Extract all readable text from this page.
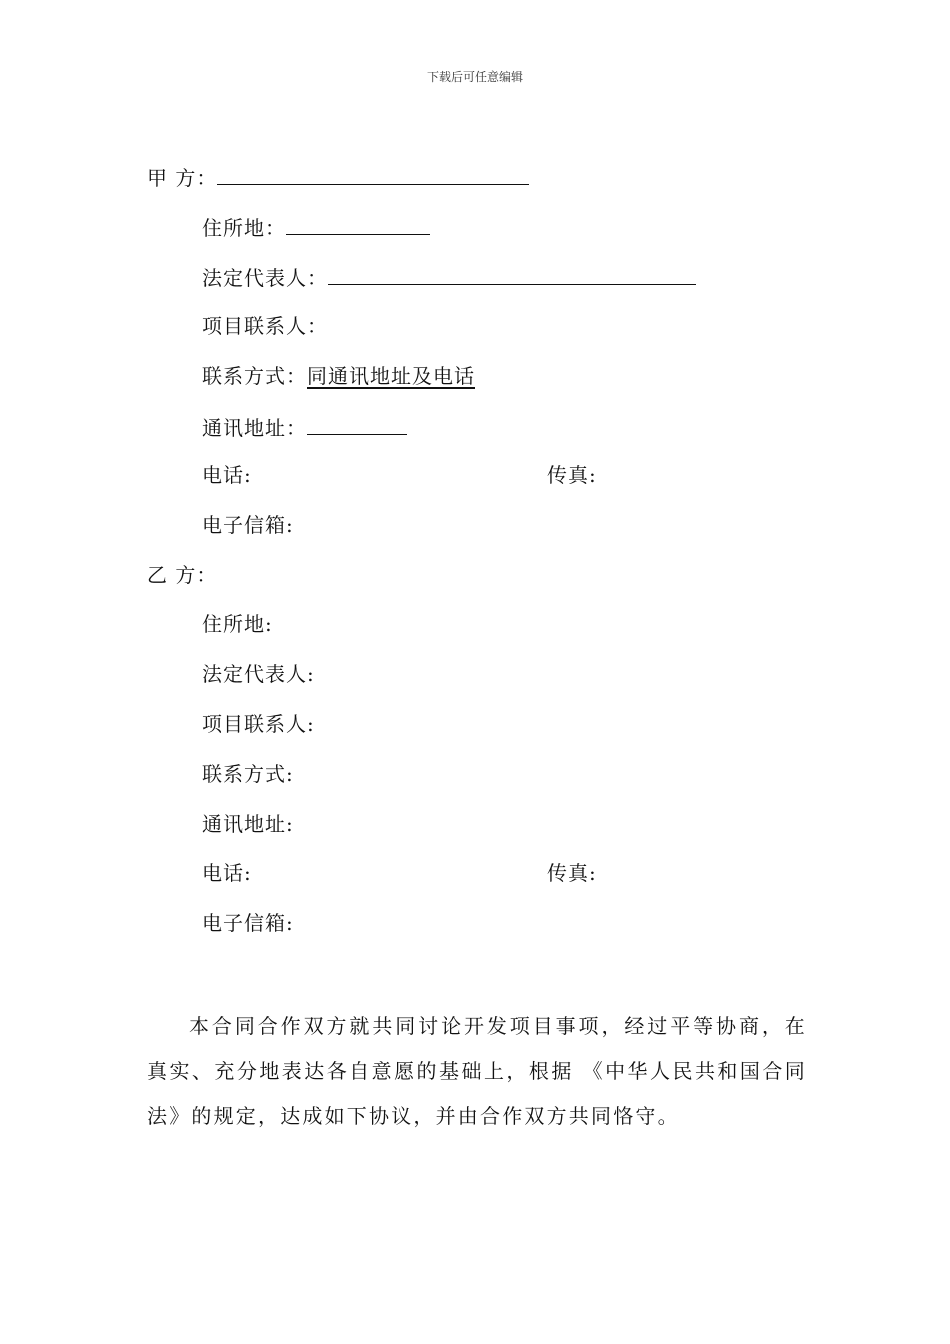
下载后可任意编辑
甲 方：
住所地：
法定代表人：
项目联系人：
联系方式：同通讯地址及电话
通讯地址：
电话:	传真:
电子信箱:
乙 方：
住所地:
法定代表人:
项目联系人:
联系方式:
通讯地址:
电话:	传真:
电子信箱:
本合同合作双方就共同讨论开发项目事项，经过平等协商，在真实、充分地表达各自意愿的基础上，根据 《中华人民共和国合同法》的规定，达成如下协议，并由合作双方共同恪守。
